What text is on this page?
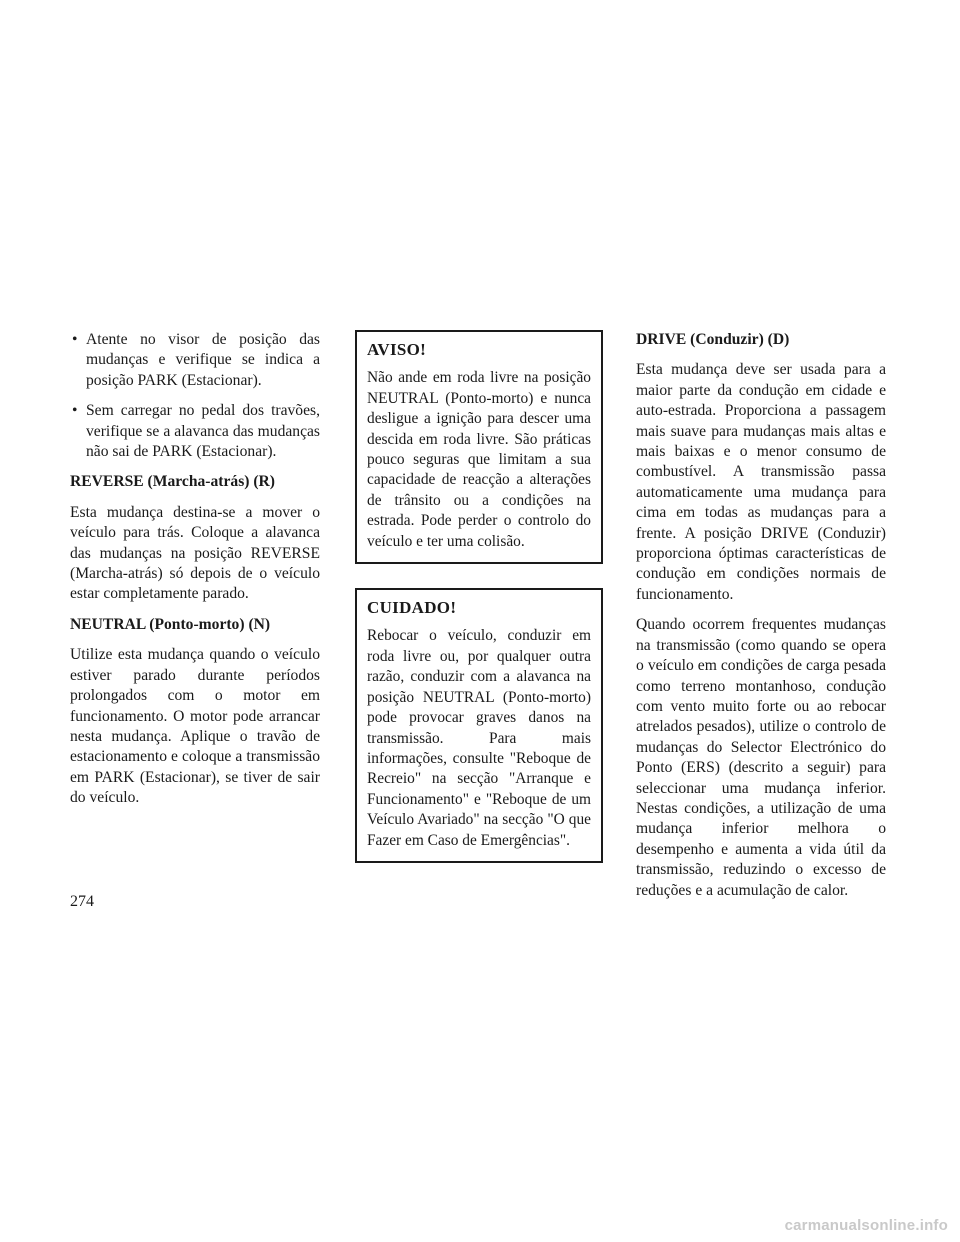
• Atente no visor de posição das mudanças e verifique se indica a posição PARK (Estacionar).
• Sem carregar no pedal dos travões, verifique se a alavanca das mudanças não sai de PARK (Estacionar).
REVERSE (Marcha-atrás) (R)

Esta mudança destina-se a mover o veículo para trás. Coloque a alavanca das mudanças na posição REVERSE (Marcha-atrás) só depois de o veículo estar completamente parado.

NEUTRAL (Ponto-morto) (N)

Utilize esta mudança quando o veículo estiver parado durante períodos prolongados com o motor em funcionamento. O motor pode arrancar nesta mudança. Aplique o travão de estacionamento e coloque a transmissão em PARK (Estacionar), se tiver de sair do veículo.

AVISO!

Não ande em roda livre na posição NEUTRAL (Ponto-morto) e nunca desligue a ignição para descer uma descida em roda livre. São práticas pouco seguras que limitam a sua capacidade de reacção a alterações de trânsito ou a condições na estrada. Pode perder o controlo do veículo e ter uma colisão.

CUIDADO!

Rebocar o veículo, conduzir em roda livre ou, por qualquer outra razão, conduzir com a alavanca na posição NEUTRAL (Ponto-morto) pode provocar graves danos na transmissão. Para mais informações, consulte "Reboque de Recreio" na secção "Arranque e Funcionamento" e "Reboque de um Veículo Avariado" na secção "O que Fazer em Caso de Emergências".

DRIVE (Conduzir) (D)

Esta mudança deve ser usada para a maior parte da condução em cidade e auto-estrada. Proporciona a passagem mais suave para mudanças mais altas e mais baixas e o menor consumo de combustível. A transmissão passa automaticamente uma mudança para cima em todas as mudanças para a frente. A posição DRIVE (Conduzir) proporciona óptimas características de condução em condições normais de funcionamento.

Quando ocorrem frequentes mudanças na transmissão (como quando se opera o veículo em condições de carga pesada como terreno montanhoso, condução com vento muito forte ou ao rebocar atrelados pesados), utilize o controlo de mudanças do Selector Electrónico do Ponto (ERS) (descrito a seguir) para seleccionar uma mudança inferior. Nestas condições, a utilização de uma mudança inferior melhora o desempenho e aumenta a vida útil da transmissão, reduzindo o excesso de reduções e a acumulação de calor.

274
carmanualsonline.info
